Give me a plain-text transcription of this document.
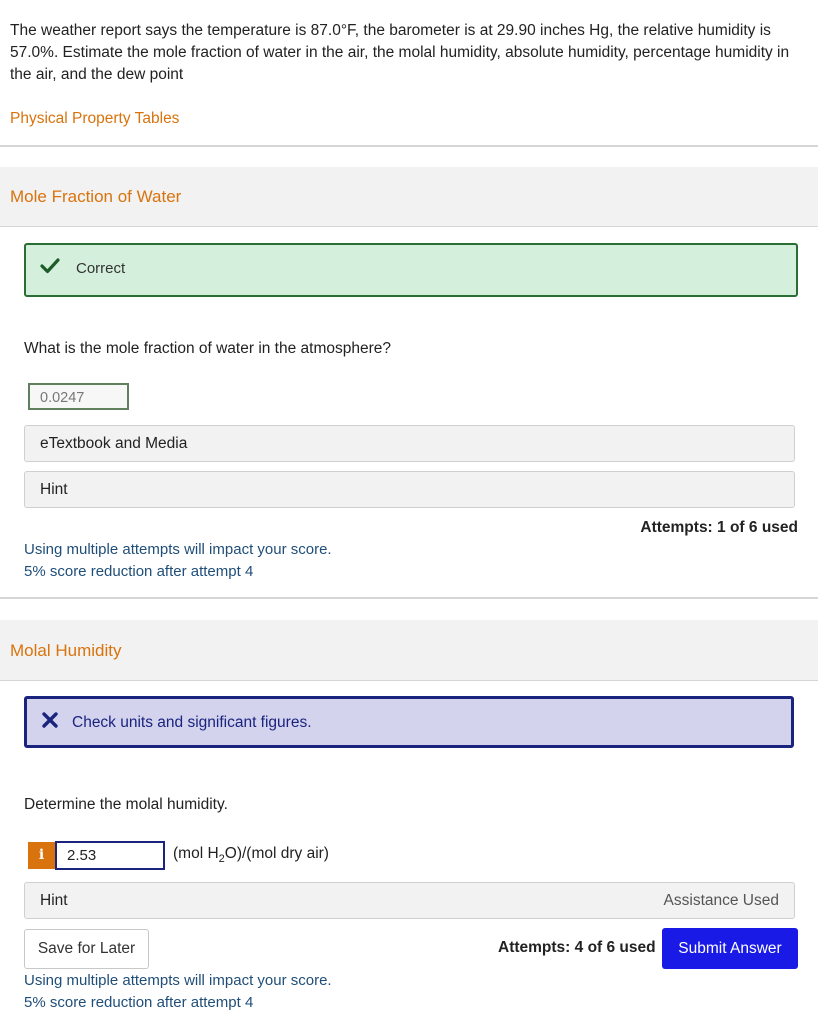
The weather report says the temperature is 87.0°F, the barometer is at 29.90 inches Hg, the relative humidity is 57.0%. Estimate the mole fraction of water in the air, the molal humidity, absolute humidity, percentage humidity in the air, and the dew point
Physical Property Tables
Mole Fraction of Water
Correct
What is the mole fraction of water in the atmosphere?
0.0247
eTextbook and Media
Hint
Attempts: 1 of 6 used
Using multiple attempts will impact your score.
5% score reduction after attempt 4
Molal Humidity
Check units and significant figures.
Determine the molal humidity.
i
2.53	(mol $H_2O)/(mol$ dry air)
Hint	Assistance Used
Save for Later	Attempts: 4 of 6 used	Submit Answer
Using multiple attempts will impact your score.
5% score reduction after attempt 4
